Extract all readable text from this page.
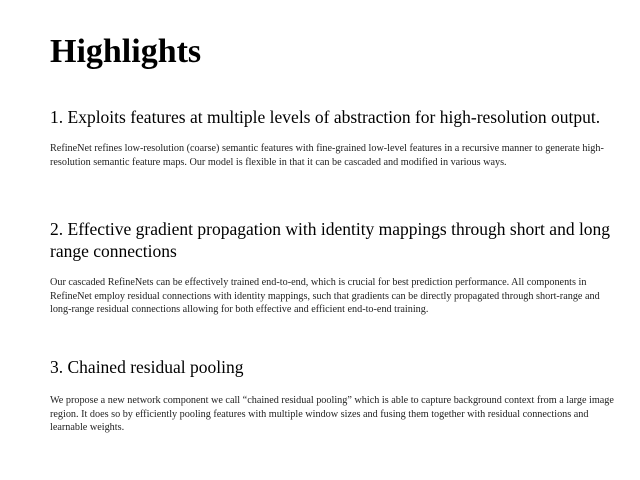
Highlights
1. Exploits features at multiple levels of abstraction for high-resolution output.

RefineNet refines low-resolution (coarse) semantic features with fine-grained low-level features in a recursive manner to generate high-resolution semantic feature maps. Our model is flexible in that it can be cascaded and modified in various ways.

2. Effective gradient propagation with identity mappings through short and long range connections

Our cascaded RefineNets can be effectively trained end-to-end, which is crucial for best prediction performance. All components in RefineNet employ residual connections with identity mappings, such that gradients can be directly propagated through short-range and long-range residual connections allowing for both effective and efficient end-to-end training.

3. Chained residual pooling

We propose a new network component we call “chained residual pooling” which is able to capture background context from a large image region. It does so by efficiently pooling features with multiple window sizes and fusing them together with residual connections and learnable weights.
